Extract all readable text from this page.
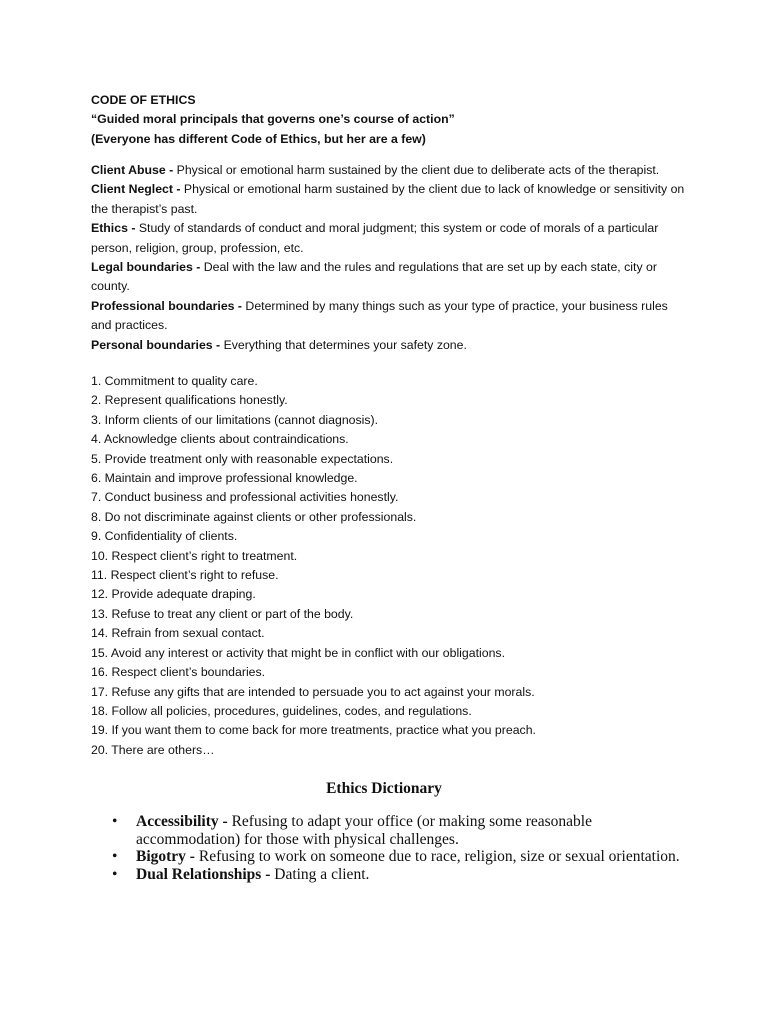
CODE OF ETHICS
“Guided moral principals that governs one’s course of action”
(Everyone has different Code of Ethics, but her are a few)
Client Abuse - Physical or emotional harm sustained by the client due to deliberate acts of the therapist.
Client Neglect - Physical or emotional harm sustained by the client due to lack of knowledge or sensitivity on the therapist’s past.
Ethics - Study of standards of conduct and moral judgment; this system or code of morals of a particular person, religion, group, profession, etc.
Legal boundaries - Deal with the law and the rules and regulations that are set up by each state, city or county.
Professional boundaries - Determined by many things such as your type of practice, your business rules and practices.
Personal boundaries - Everything that determines your safety zone.
1. Commitment to quality care.
2. Represent qualifications honestly.
3. Inform clients of our limitations (cannot diagnosis).
4. Acknowledge clients about contraindications.
5. Provide treatment only with reasonable expectations.
6. Maintain and improve professional knowledge.
7. Conduct business and professional activities honestly.
8. Do not discriminate against clients or other professionals.
9. Confidentiality of clients.
10. Respect client’s right to treatment.
11. Respect client’s right to refuse.
12. Provide adequate draping.
13. Refuse to treat any client or part of the body.
14. Refrain from sexual contact.
15. Avoid any interest or activity that might be in conflict with our obligations.
16. Respect client’s boundaries.
17. Refuse any gifts that are intended to persuade you to act against your morals.
18. Follow all policies, procedures, guidelines, codes, and regulations.
19. If you want them to come back for more treatments, practice what you preach.
20. There are others…
Ethics Dictionary
• Accessibility - Refusing to adapt your office (or making some reasonable accommodation) for those with physical challenges.
• Bigotry - Refusing to work on someone due to race, religion, size or sexual orientation.
• Dual Relationships - Dating a client.
